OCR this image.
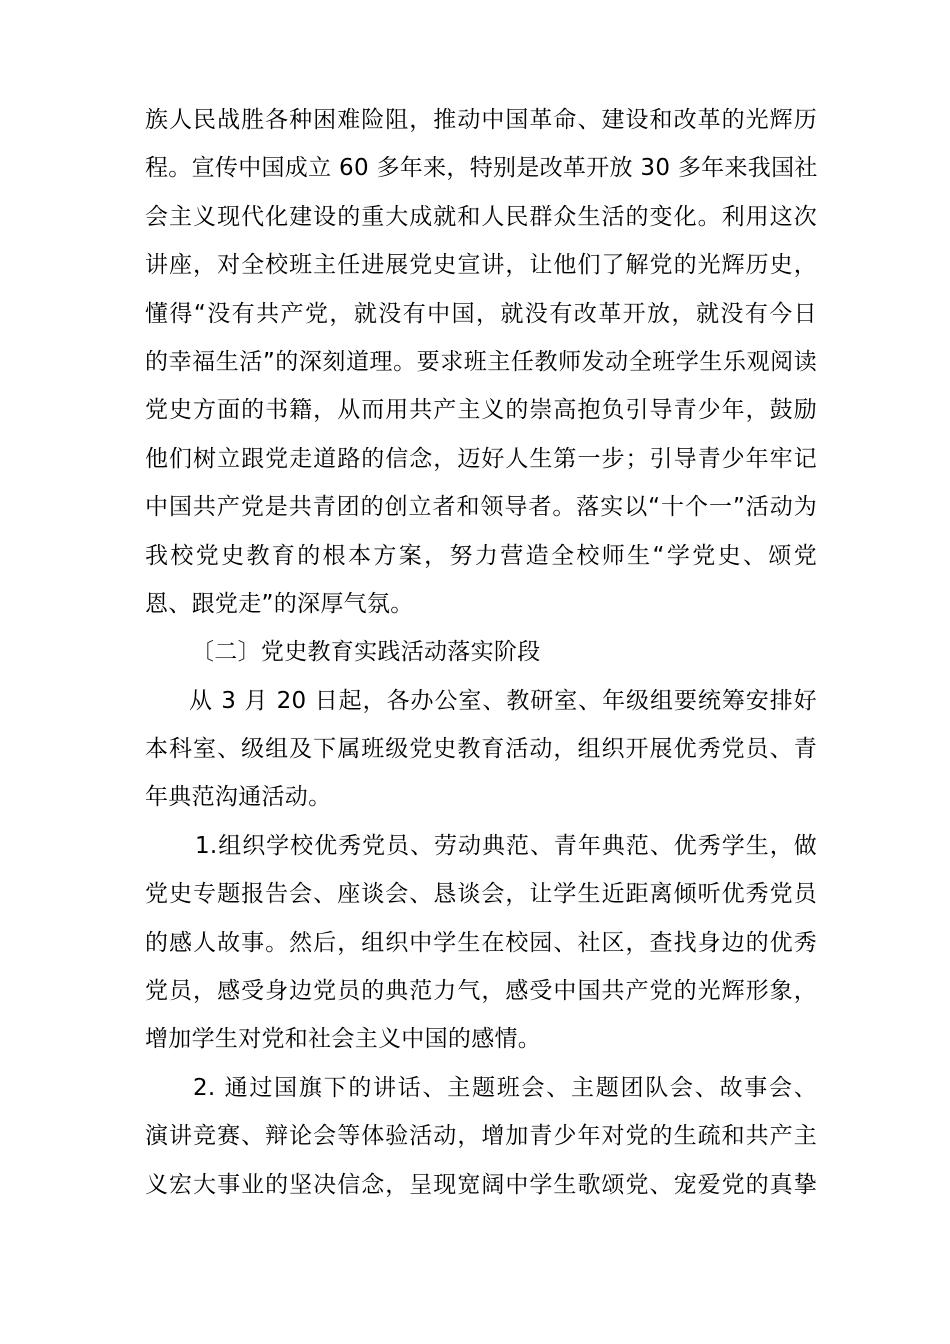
族人民战胜各种困难险阻，推动中国革命、建设和改革的光辉历
程。宣传中国成立 60 多年来，特别是改革开放 30 多年来我国社
会主义现代化建设的重大成就和人民群众生活的变化。利用这次
讲座，对全校班主任进展党史宣讲，让他们了解党的光辉历史，
懂得“没有共产党，就没有中国，就没有改革开放，就没有今日
的幸福生活”的深刻道理。要求班主任教师发动全班学生乐观阅读
党史方面的书籍，从而用共产主义的崇高抱负引导青少年，鼓励
他们树立跟党走道路的信念，迈好人生第一步；引导青少年牢记
中国共产党是共青团的创立者和领导者。落实以“十个一”活动为
我校党史教育的根本方案，努力营造全校师生“学党史、颂党
恩、跟党走”的深厚气氛。
〔二〕党史教育实践活动落实阶段
从 3 月 20 日起，各办公室、教研室、年级组要统筹安排好
本科室、级组及下属班级党史教育活动，组织开展优秀党员、青
年典范沟通活动。
1.组织学校优秀党员、劳动典范、青年典范、优秀学生，做
党史专题报告会、座谈会、恳谈会，让学生近距离倾听优秀党员
的感人故事。然后，组织中学生在校园、社区，查找身边的优秀
党员，感受身边党员的典范力气，感受中国共产党的光辉形象，
增加学生对党和社会主义中国的感情。
2. 通过国旗下的讲话、主题班会、主题团队会、故事会、
演讲竞赛、辩论会等体验活动，增加青少年对党的生疏和共产主
义宏大事业的坚决信念，呈现宽阔中学生歌颂党、宠爱党的真挚
